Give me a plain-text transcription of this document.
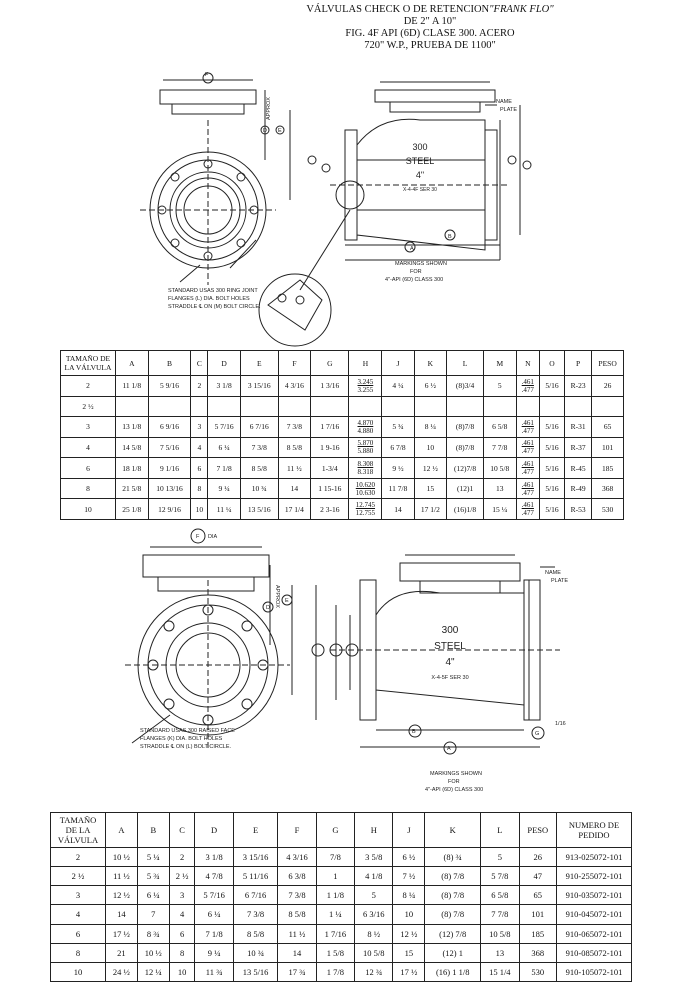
VÁLVULAS CHECK O DE RETENCION"FRANK FLO"
DE 2" A 10"
FIG. 4F API (6D) CLASE 300. ACERO
720" W.P., PRUEBA DE 1100"
STANDARD USAS 300 RING JOINT
FLANGES (L) DIA. BOLT HOLES
STRADDLE ℄ ON (M) BOLT CIRCLE.
MARKINGS SHOWN
FOR
4"-API (6D) CLASS 300
NAME
PLATE
APPROX
F
D E
A
B
300
STEEL
4"
X-4-4F SER 30
TAMAÑO DE LA VÁLVULA	A	B	C	D	E	F	G	H	J	K	L	M	N	O	P	PESO
2	11 1/8	5 9/16	2	3 1/8	3 15/16	4 3/16	1 3/16	$\frac{3.245}{3.255}$	4 ¼	6 ½	(8)3/4	5	$\frac{.461}{.477}$	5/16	R-23	26
2 ½																
3	13 1/8	6 9/16	3	5 7/16	6 7/16	7 3/8	1 7/16	$\frac{4.870}{4.880}$	5 ¾	8 ¼	(8)7/8	6 5/8	$\frac{.461}{.477}$	5/16	R-31	65
4	14 5/8	7 5/16	4	6 ¼	7 3/8	8 5/8	1 9-16	$\frac{5.870}{5.880}$	6 7/8	10	(8)7/8	7 7/8	$\frac{.461}{.477}$	5/16	R-37	101
6	18 1/8	9 1/16	6	7 1/8	8 5/8	11 ½	1-3/4	$\frac{8.308}{8.318}$	9 ½	12 ½	(12)7/8	10 5/8	$\frac{.461}{.477}$	5/16	R-45	185
8	21 5/8	10 13/16	8	9 ¼	10 ¾	14	1 15-16	$\frac{10.620}{10.630}$	11 7/8	15	(12)1	13	$\frac{.461}{.477}$	5/16	R-49	368
10	25 1/8	12 9/16	10	11 ¼	13 5/16	17 1/4	2 3-16	$\frac{12.745}{12.755}$	14	17 1/2	(16)1/8	15 ¼	$\frac{.461}{.477}$	5/16	R-53	530
STANDARD USAS 300 RAISED FACE
FLANGES (K) DIA. BOLT HOLES
STRADDLE ℄ ON (L) BOLT CIRCLE.
MARKINGS SHOWN
FOR
4"-API (6D) CLASS 300
NAME
PLATE
APPROX
DIA
1/16
F
D
E
B
A
G
300
STEEL
4"
X-4-5F SER 30
TAMAÑO DE LA VÁLVULA	A	B	C	D	E	F	G	H	J	K	L	PESO	NUMERO DE PEDIDO
2	10 ½	5 ¼	2	3 1/8	3 15/16	4 3/16	7/8	3 5/8	6 ½	(8) ¾	5	26	913-025072-101
2 ½	11 ½	5 ¾	2 ½	4 7/8	5 11/16	6 3/8	1	4 1/8	7 ½	(8) 7/8	5 7/8	47	910-255072-101
3	12 ½	6 ¼	3	5 7/16	6 7/16	7 3/8	1 1/8	5	8 ¼	(8) 7/8	6 5/8	65	910-035072-101
4	14	7	4	6 ¼	7 3/8	8 5/8	1 ¼	6 3/16	10	(8) 7/8	7 7/8	101	910-045072-101
6	17 ½	8 ¾	6	7 1/8	8 5/8	11 ½	1 7/16	8 ½	12 ½	(12) 7/8	10 5/8	185	910-065072-101
8	21	10 ½	8	9 ¼	10 ¾	14	1 5/8	10 5/8	15	(12) 1	13	368	910-085072-101
10	24 ½	12 ¼	10	11 ¾	13 5/16	17 ¾	1 7/8	12 ¾	17 ½	(16) 1 1/8	15 1/4	530	910-105072-101
